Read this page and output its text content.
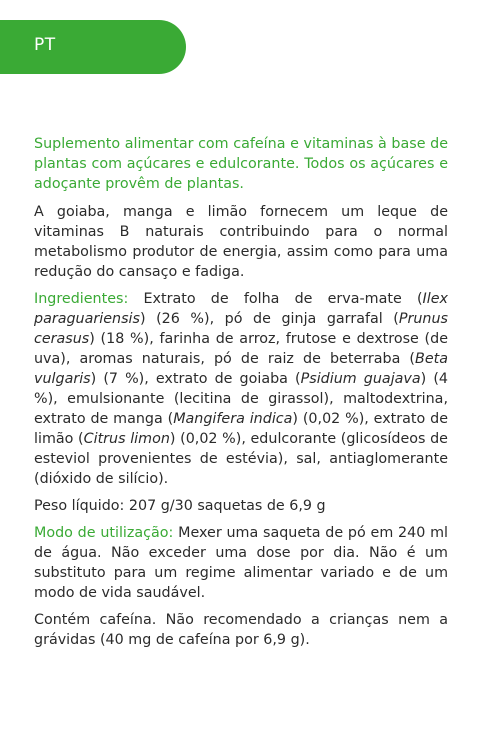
PT

Suplemento alimentar com cafeína e vitaminas à base de plantas com açúcares e edulcorante. Todos os açúcares e adoçante provêm de plantas.

A goiaba, manga e limão fornecem um leque de vitaminas B naturais contribuindo para o normal metabolismo produtor de energia, assim como para uma redução do cansaço e fadiga.

Ingredientes: Extrato de folha de erva-mate (Ilex paraguariensis) (26 %), pó de ginja garrafal (Prunus cerasus) (18 %), farinha de arroz, frutose e dextrose (de uva), aromas naturais, pó de raiz de beterraba (Beta vulgaris) (7 %), extrato de goiaba (Psidium guajava) (4 %), emulsionante (lecitina de girassol), maltodextrina, extrato de manga (Mangifera indica) (0,02 %), extrato de limão (Citrus limon) (0,02 %), edulcorante (glicosídeos de esteviol provenientes de estévia), sal, antiaglomerante (dióxido de silício).

Peso líquido: 207 g/30 saquetas de 6,9 g

Modo de utilização: Mexer uma saqueta de pó em 240 ml de água. Não exceder uma dose por dia. Não é um substituto para um regime alimentar variado e de um modo de vida saudável.

Contém cafeína. Não recomendado a crianças nem a grávidas (40 mg de cafeína por 6,9 g).
